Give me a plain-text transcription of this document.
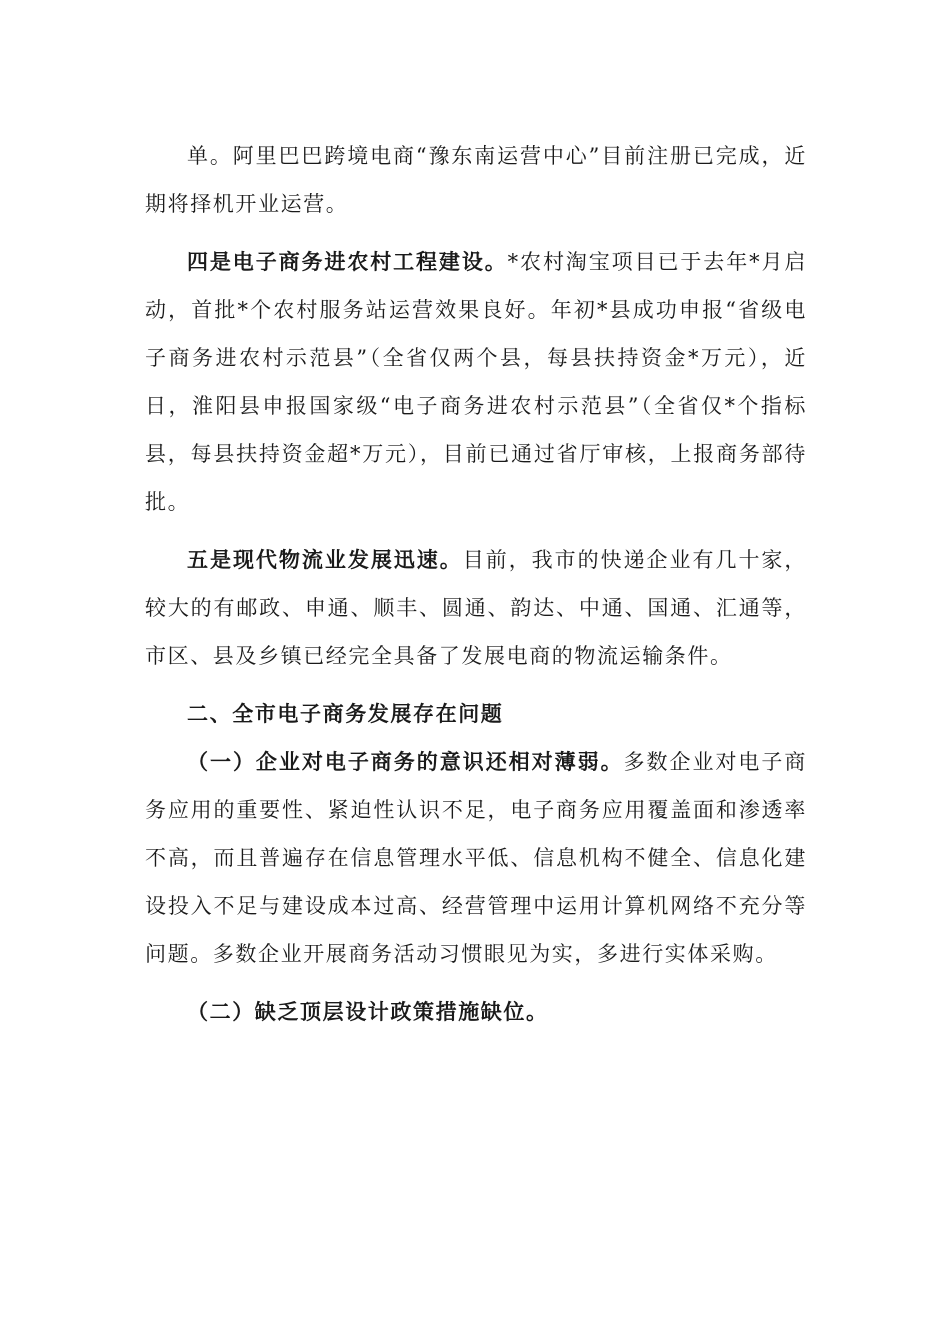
单。阿里巴巴跨境电商“豫东南运营中心”目前注册已完成，近期将择机开业运营。

四是电子商务进农村工程建设。*农村淘宝项目已于去年*月启动，首批*个农村服务站运营效果良好。年初*县成功申报“省级电子商务进农村示范县”（全省仅两个县，每县扶持资金*万元），近日，淮阳县申报国家级“电子商务进农村示范县”（全省仅*个指标县，每县扶持资金超*万元），目前已通过省厅审核，上报商务部待批。

五是现代物流业发展迅速。目前，我市的快递企业有几十家，较大的有邮政、申通、顺丰、圆通、韵达、中通、国通、汇通等，市区、县及乡镇已经完全具备了发展电商的物流运输条件。

二、全市电子商务发展存在问题

（一）企业对电子商务的意识还相对薄弱。多数企业对电子商务应用的重要性、紧迫性认识不足，电子商务应用覆盖面和渗透率不高，而且普遍存在信息管理水平低、信息机构不健全、信息化建设投入不足与建设成本过高、经营管理中运用计算机网络不充分等问题。多数企业开展商务活动习惯眼见为实，多进行实体采购。

（二）缺乏顶层设计政策措施缺位。
